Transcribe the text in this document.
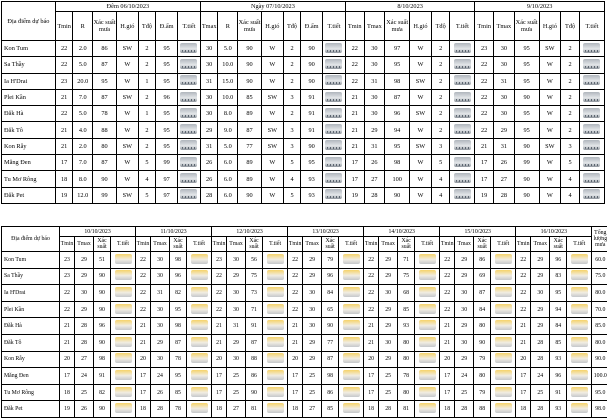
Địa điểm dự báo	Đêm 06/10/2023							Ngày 07/10/2023							8/10/2023						9/10/2023					
	Tmin	R	Xác suất mưa	H.gió	Tđộ	Đ.ẩm	T.tiết	Tmax	R	Xác suất mưa	H.gió	Tđộ	Đ.ẩm	T.tiết	Tmin	Tmax	Xác suất mưa	H.gió	Tđộ	T.tiết	Tmin	Tmax	Xác suất mưa	H.gió	Tđộ	T.tiết
Kon Tum	22	2.0	86	SW	2	95		30	5.0	90	W	2	90		22	30	97	W	2		23	30	95	SW	2	
Sa Thầy	22	5.0	87	W	2	95		30	10.0	90	W	2	90		22	30	95	W	2		22	30	95	W	2	
Ia H'Drai	23	20.0	95	W	1	95		31	15.0	90	W	2	90		22	31	98	SW	2		22	31	95	W	2	
Plei Kần	21	7.0	87	SW	2	96		30	10.0	85	SW	3	91		21	30	87	W	2		22	30	90	W	2	
Đăk Hà	22	5.0	78	W	1	95		30	8.0	89	W	2	91		21	30	96	SW	2		22	30	95	W	2	
Đăk Tô	21	4.0	88	W	2	95		29	9.0	87	SW	3	91		21	29	94	W	2		22	29	95	W	2	
Kon Rẫy	21	2.0	80	SW	2	95		31	5.0	77	SW	3	90		21	31	95	SW	3		21	31	90	SW	3	
Măng Đen	17	7.0	87	W	5	99		26	6.0	89	W	5	95		17	26	98	W	5		17	26	99	W	5	
Tu Mơ Rông	18	8.0	90	W	4	97		26	6.0	89	W	4	93		17	27	100	W	4		17	27	90	W	4	
Đăk Pet	19	12.0	99	SW	5	97		28	6.0	90	W	5	93		19	28	90	W	4		19	28	90	W	4	
Địa điểm dự báo	10/10/2023				11/10/2023				12/10/2023				13/10/2023				14/10/2023				15/10/2023				16/10/2023				Tổng lượng mưa
	Tmin	Tmax	Xác suất	T.tiết	Tmin	Tmax	Xác suất	T.tiết	Tmin	Tmax	Xác suất	T.tiết	Tmin	Tmax	Xác suất	T.tiết	Tmin	Tmax	Xác suất	T.tiết	Tmin	Tmax	Xác suất	T.tiết	Tmin	Tmax	Xác suất	T.tiết	
Kon Tum	23	29	51		22	30	98		23	30	56		22	29	79		22	29	71		22	29	86		22	29	96		60.0
Sa Thầy	23	29	90		22	30	96		22	29	75		22	29	96		22	29	75		22	29	69		22	29	83		75.0
Ia H'Drai	22	30	90		22	31	82		22	30	73		22	30	84		22	30	68		22	30	87		22	30	95		80.0
Plei Kần	22	29	90		22	30	95		22	30	71		22	30	65		22	29	85		22	30	84		22	29	94		70.0
Đăk Hà	21	28	96		21	30	98		21	31	91		21	30	90		21	29	93		21	29	80		21	29	84		85.0
Đăk Tô	21	28	90		21	29	87		21	29	87		21	29	77		21	30	80		21	30	90		21	28	85		80.0
Kon Rẫy	20	27	98		20	30	78		20	30	88		20	29	87		20	29	80		20	29	79		20	28	93		90.0
Măng Đen	17	24	91		17	24	95		17	25	86		17	25	98		17	25	78		17	24	80		17	24	96		100.0
Tu Mơ Rông	18	25	82		17	26	85		17	25	90		17	25	86		17	25	80		17	25	79		17	25	91		95.0
Đăk Pet	19	26	90		18	28	78		18	27	81		18	27	85		18	28	81		18	28	88		18	28	93		98.0
